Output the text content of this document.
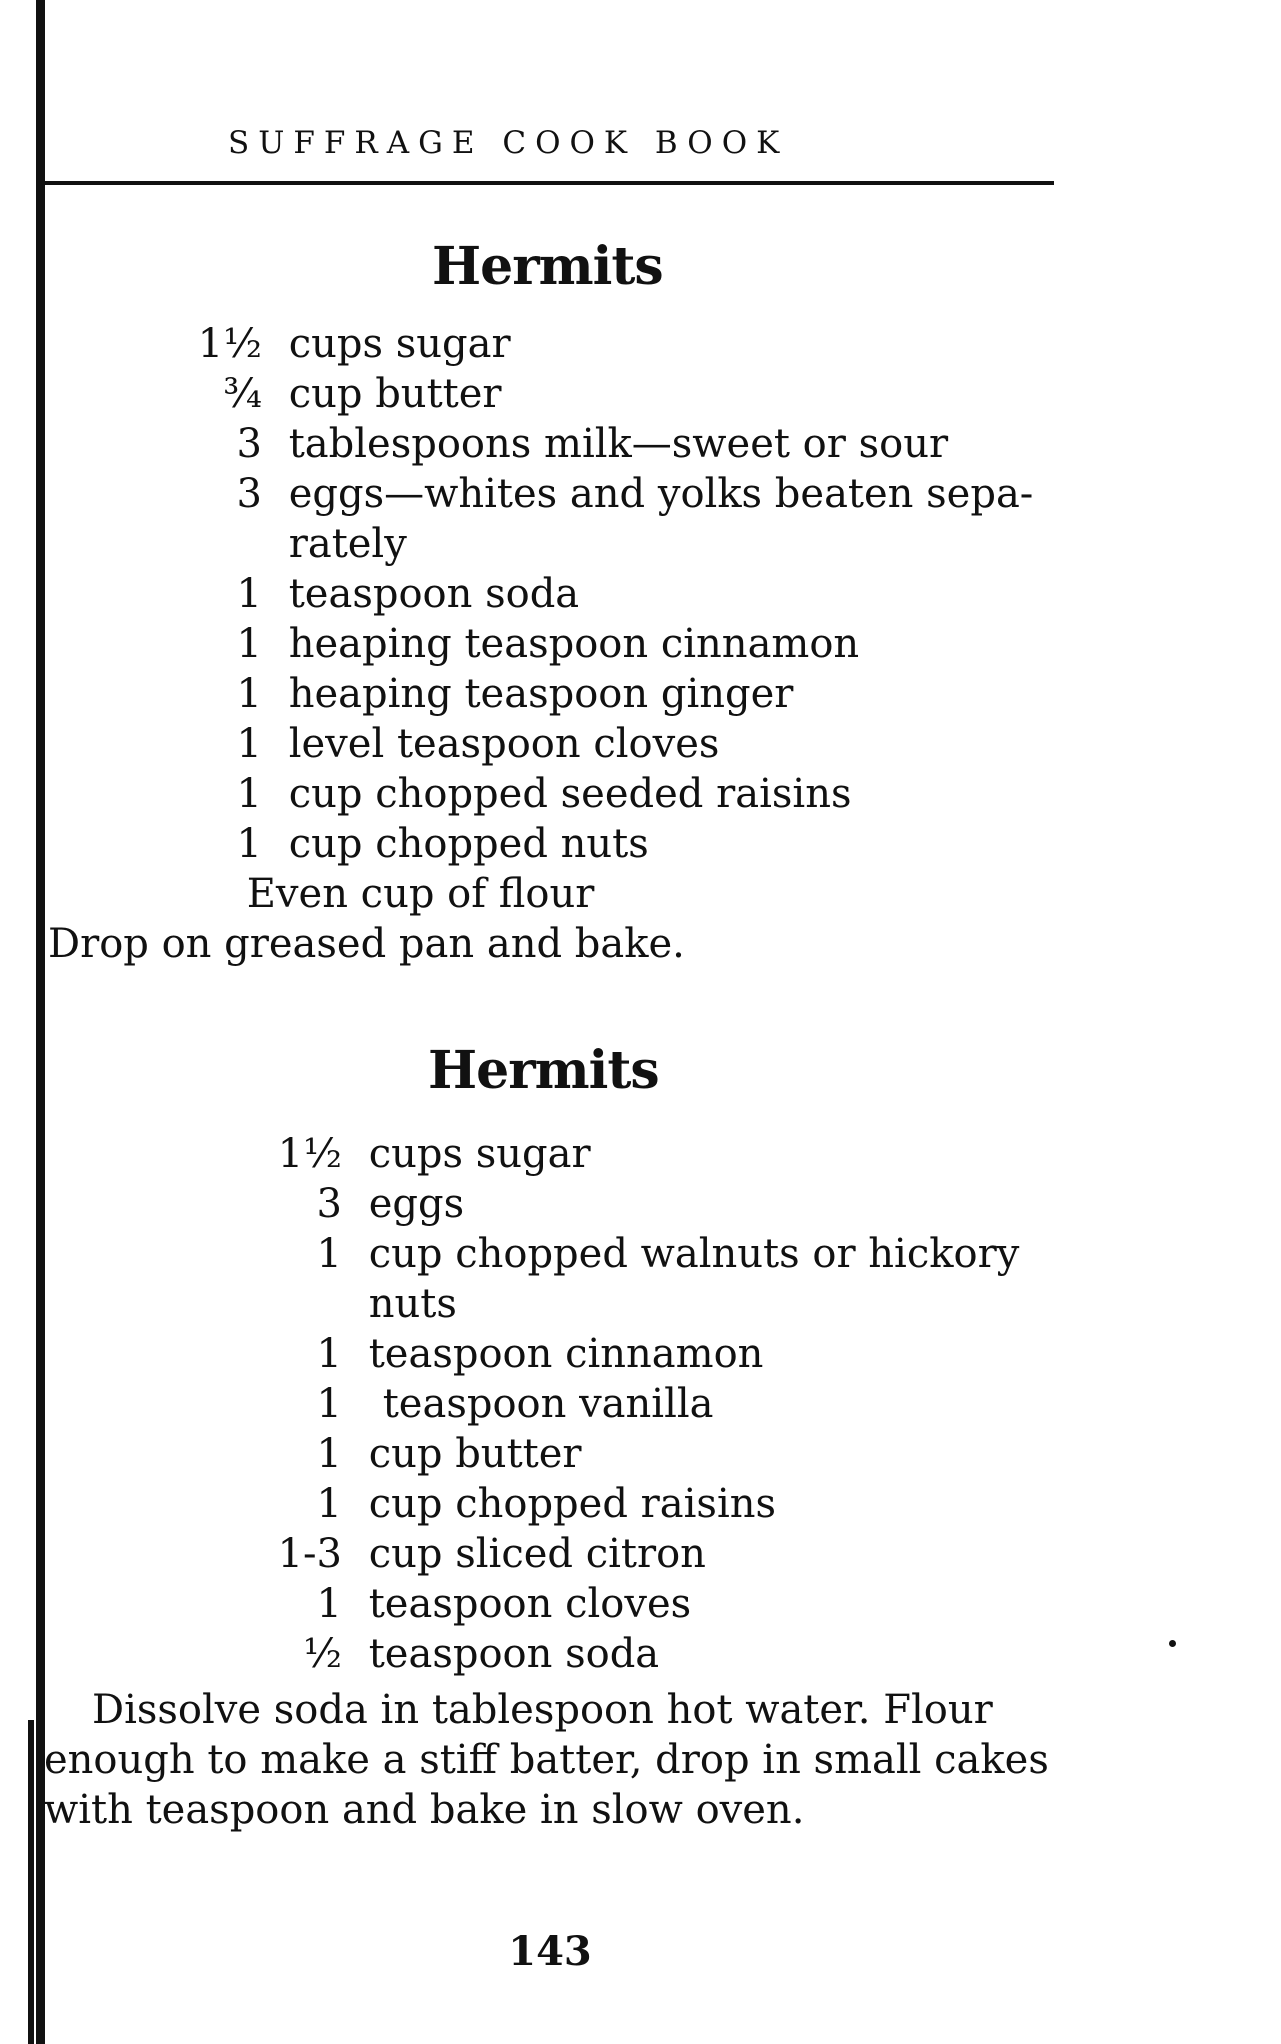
SUFFRAGE COOK BOOK
Hermits
1½ cups sugar
¾ cup butter
3 tablespoons milk—sweet or sour
3 eggs—whites and yolks beaten sepa-
rately
1 teaspoon soda
1 heaping teaspoon cinnamon
1 heaping teaspoon ginger
1 level teaspoon cloves
1 cup chopped seeded raisins
1 cup chopped nuts
Even cup of flour
Drop on greased pan and bake.
Hermits
1½ cups sugar
3 eggs
1 cup chopped walnuts or hickory
nuts
1 teaspoon cinnamon
1 teaspoon vanilla
1 cup butter
1 cup chopped raisins
1-3 cup sliced citron
1 teaspoon cloves
½ teaspoon soda
Dissolve soda in tablespoon hot water. Flour
enough to make a stiff batter, drop in small cakes
with teaspoon and bake in slow oven.
143
